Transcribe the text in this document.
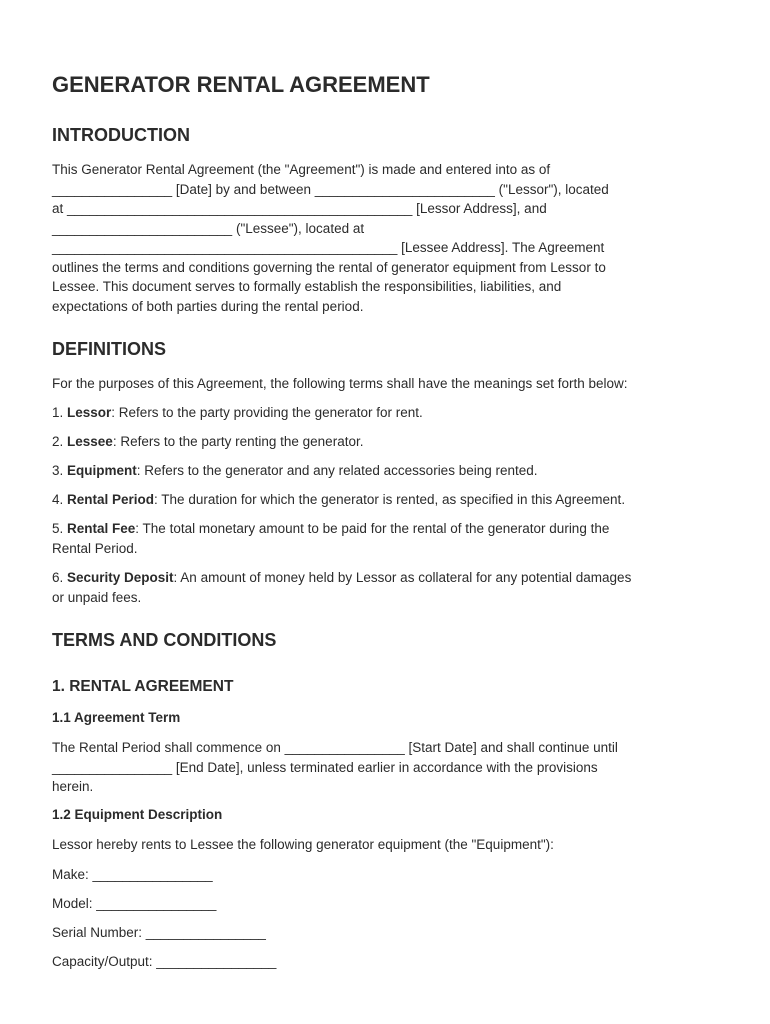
GENERATOR RENTAL AGREEMENT
INTRODUCTION
This Generator Rental Agreement (the "Agreement") is made and entered into as of
________________ [Date] by and between ________________________ ("Lessor"), located
at ______________________________________________ [Lessor Address], and
________________________ ("Lessee"), located at
______________________________________________ [Lessee Address]. The Agreement
outlines the terms and conditions governing the rental of generator equipment from Lessor to
Lessee. This document serves to formally establish the responsibilities, liabilities, and
expectations of both parties during the rental period.
DEFINITIONS

For the purposes of this Agreement, the following terms shall have the meanings set forth below:

1. Lessor: Refers to the party providing the generator for rent.

2. Lessee: Refers to the party renting the generator.

3. Equipment: Refers to the generator and any related accessories being rented.

4. Rental Period: The duration for which the generator is rented, as specified in this Agreement.

5. Rental Fee: The total monetary amount to be paid for the rental of the generator during the
Rental Period.
6. Security Deposit: An amount of money held by Lessor as collateral for any potential damages
or unpaid fees.
TERMS AND CONDITIONS
1. RENTAL AGREEMENT
1.1 Agreement Term
The Rental Period shall commence on ________________ [Start Date] and shall continue until
________________ [End Date], unless terminated earlier in accordance with the provisions
herein.
1.2 Equipment Description

Lessor hereby rents to Lessee the following generator equipment (the "Equipment"):

Make: ________________

Model: ________________

Serial Number: ________________

Capacity/Output: ________________
